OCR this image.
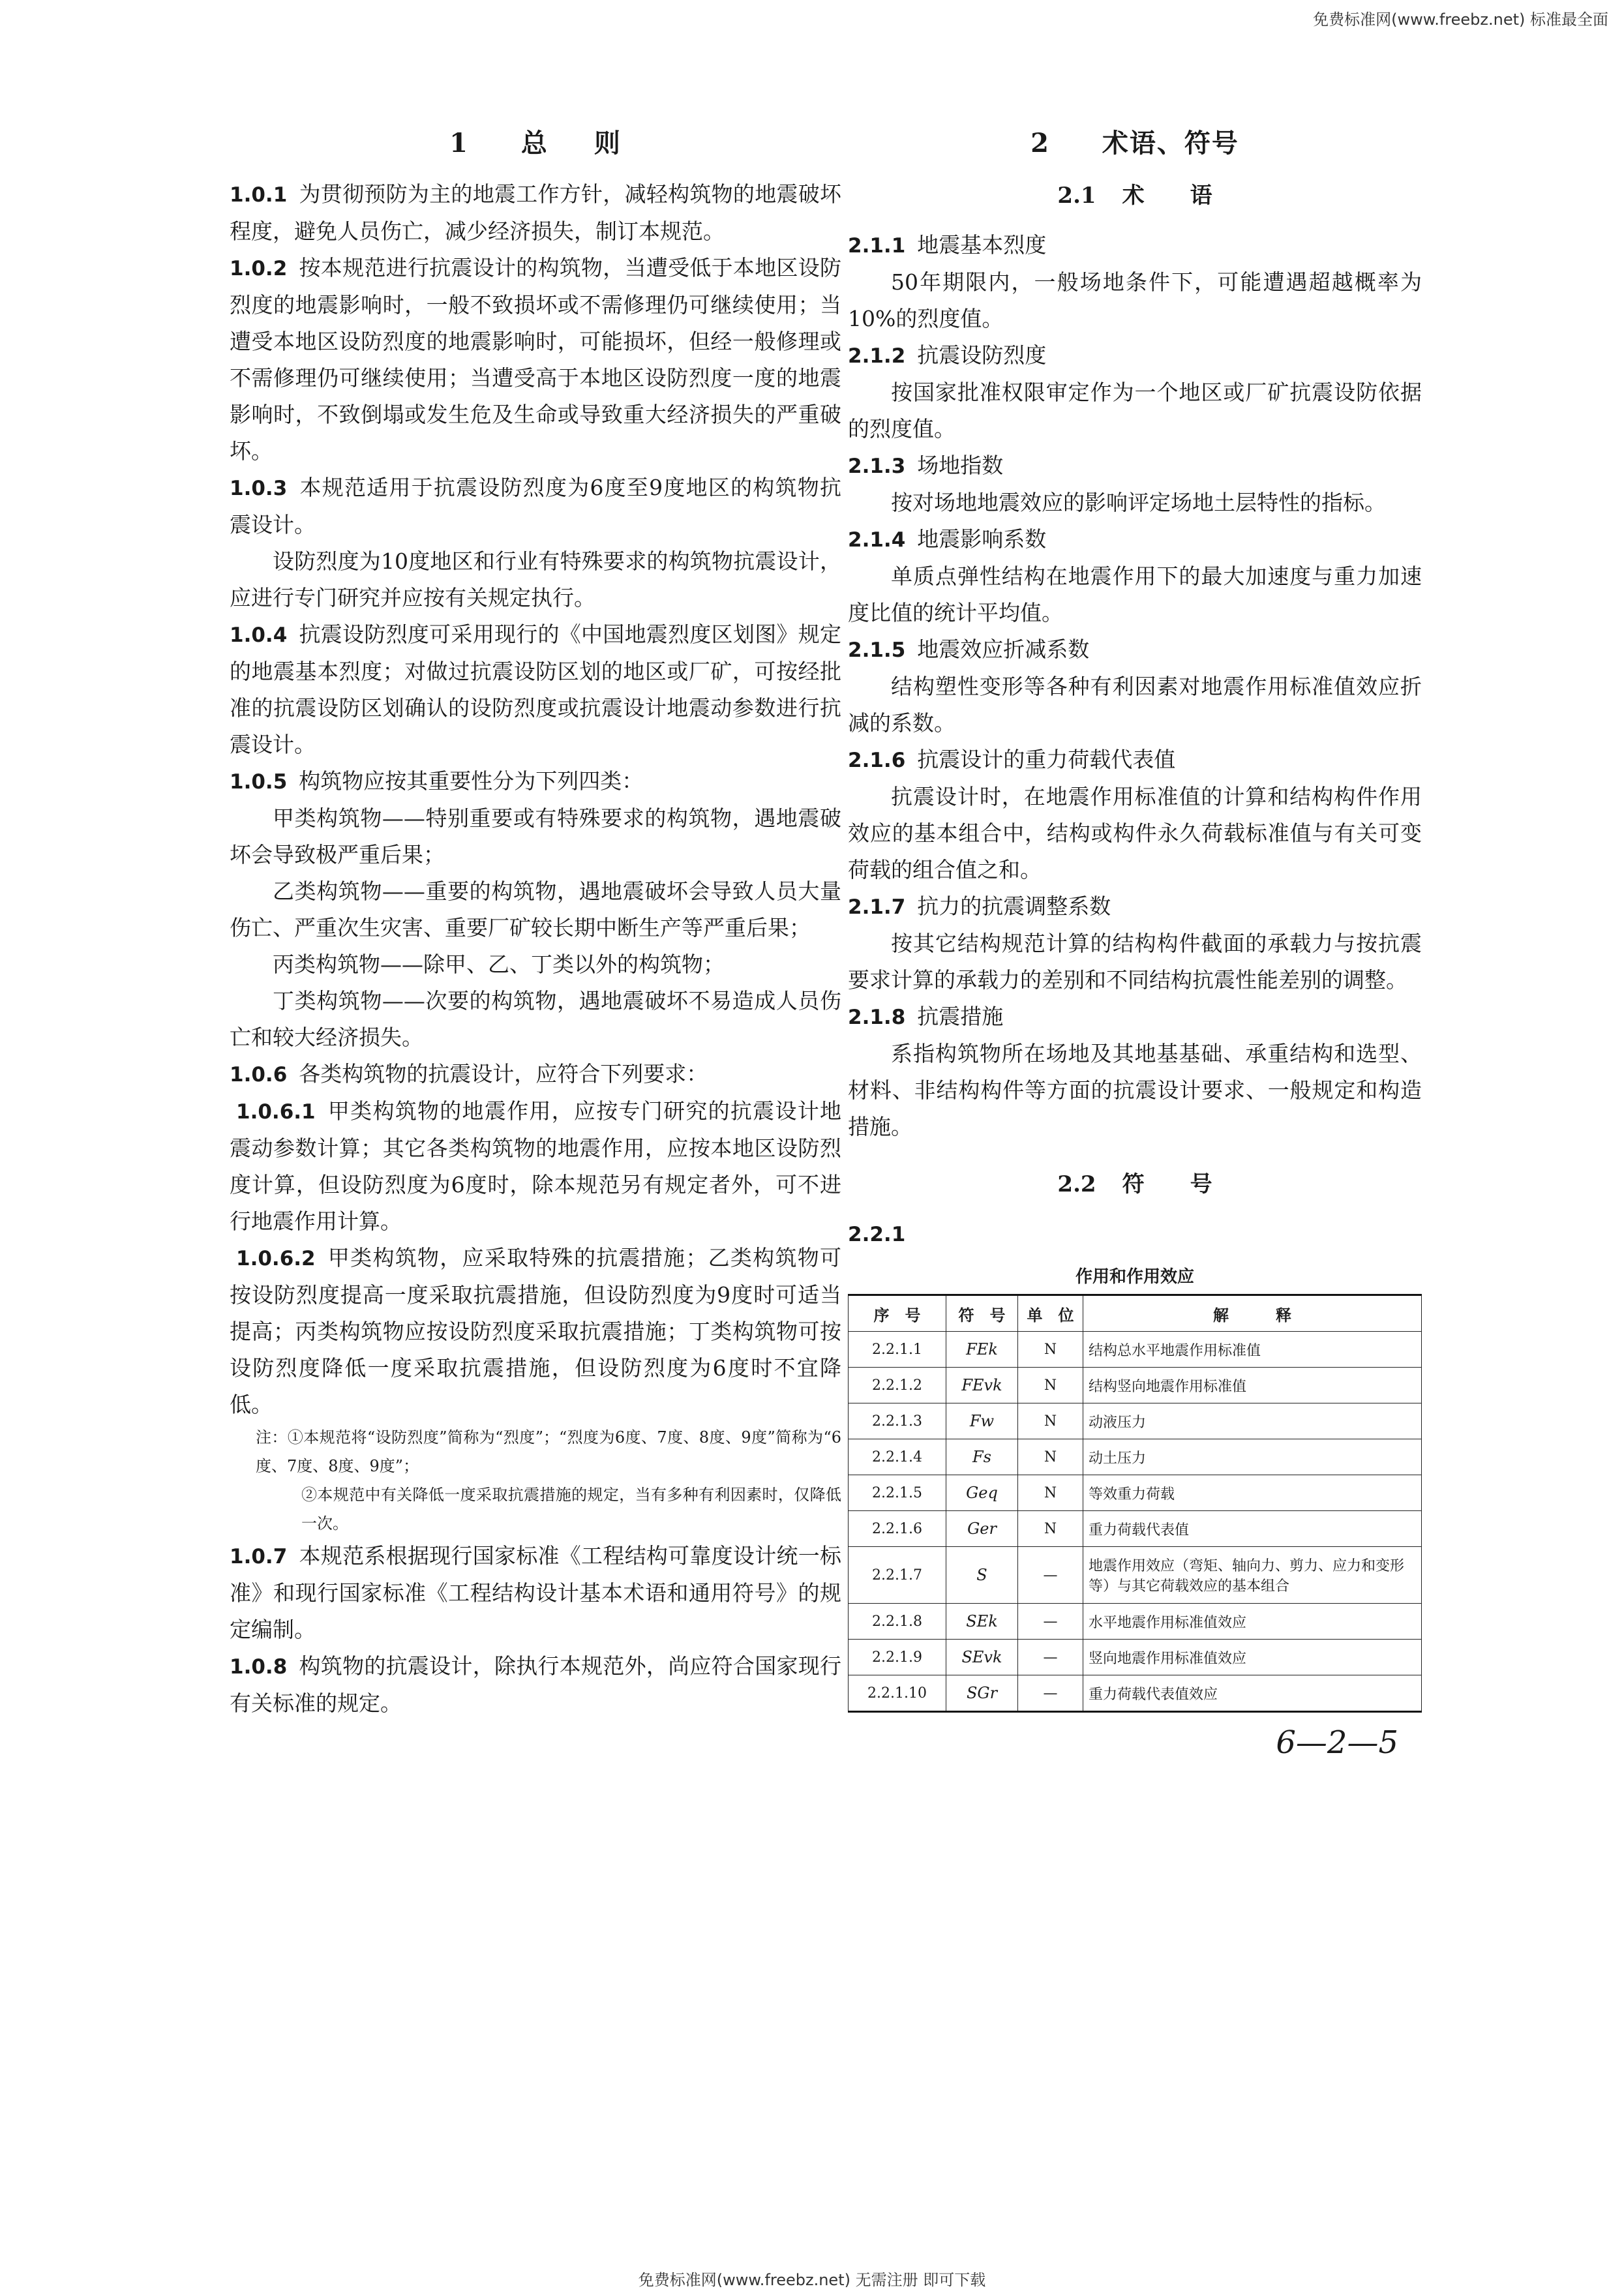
免费标准网(www.freebz.net) 标准最全面
1 总 则

1.0.1 为贯彻预防为主的地震工作方针，减轻构筑物的地震破坏程度，避免人员伤亡，减少经济损失，制订本规范。

1.0.2 按本规范进行抗震设计的构筑物，当遭受低于本地区设防烈度的地震影响时，一般不致损坏或不需修理仍可继续使用；当遭受本地区设防烈度的地震影响时，可能损坏，但经一般修理或不需修理仍可继续使用；当遭受高于本地区设防烈度一度的地震影响时，不致倒塌或发生危及生命或导致重大经济损失的严重破坏。

1.0.3 本规范适用于抗震设防烈度为6度至9度地区的构筑物抗震设计。

设防烈度为10度地区和行业有特殊要求的构筑物抗震设计，应进行专门研究并应按有关规定执行。

1.0.4 抗震设防烈度可采用现行的《中国地震烈度区划图》规定的地震基本烈度；对做过抗震设防区划的地区或厂矿，可按经批准的抗震设防区划确认的设防烈度或抗震设计地震动参数进行抗震设计。

1.0.5 构筑物应按其重要性分为下列四类：

甲类构筑物——特别重要或有特殊要求的构筑物，遇地震破坏会导致极严重后果；

乙类构筑物——重要的构筑物，遇地震破坏会导致人员大量伤亡、严重次生灾害、重要厂矿较长期中断生产等严重后果；

丙类构筑物——除甲、乙、丁类以外的构筑物；

丁类构筑物——次要的构筑物，遇地震破坏不易造成人员伤亡和较大经济损失。

1.0.6 各类构筑物的抗震设计，应符合下列要求：

1.0.6.1 甲类构筑物的地震作用，应按专门研究的抗震设计地震动参数计算；其它各类构筑物的地震作用，应按本地区设防烈度计算，但设防烈度为6度时，除本规范另有规定者外，可不进行地震作用计算。

1.0.6.2 甲类构筑物，应采取特殊的抗震措施；乙类构筑物可按设防烈度提高一度采取抗震措施，但设防烈度为9度时可适当提高；丙类构筑物应按设防烈度采取抗震措施；丁类构筑物可按设防烈度降低一度采取抗震措施，但设防烈度为6度时不宜降低。

注：①本规范将“设防烈度”简称为“烈度”；“烈度为6度、7度、8度、9度”简称为“6度、7度、8度、9度”；

②本规范中有关降低一度采取抗震措施的规定，当有多种有利因素时，仅降低一次。

1.0.7 本规范系根据现行国家标准《工程结构可靠度设计统一标准》和现行国家标准《工程结构设计基本术语和通用符号》的规定编制。

1.0.8 构筑物的抗震设计，除执行本规范外，尚应符合国家现行有关标准的规定。

2 术语、符号
2.1 术 语

2.1.1 地震基本烈度

50年期限内，一般场地条件下，可能遭遇超越概率为10%的烈度值。

2.1.2 抗震设防烈度

按国家批准权限审定作为一个地区或厂矿抗震设防依据的烈度值。

2.1.3 场地指数

按对场地地震效应的影响评定场地土层特性的指标。

2.1.4 地震影响系数

单质点弹性结构在地震作用下的最大加速度与重力加速度比值的统计平均值。

2.1.5 地震效应折减系数

结构塑性变形等各种有利因素对地震作用标准值效应折减的系数。

2.1.6 抗震设计的重力荷载代表值

抗震设计时，在地震作用标准值的计算和结构构件作用效应的基本组合中，结构或构件永久荷载标准值与有关可变荷载的组合值之和。

2.1.7 抗力的抗震调整系数

按其它结构规范计算的结构构件截面的承载力与按抗震要求计算的承载力的差别和不同结构抗震性能差别的调整。

2.1.8 抗震措施

系指构筑物所在场地及其地基基础、承重结构和选型、材料、非结构构件等方面的抗震设计要求、一般规定和构造措施。

2.2 符 号

2.2.1

作用和作用效应
序　号	符　号	单　位	解　　　释
2.2.1.1	FEk	N	结构总水平地震作用标准值
2.2.1.2	FEvk	N	结构竖向地震作用标准值
2.2.1.3	Fw	N	动液压力
2.2.1.4	Fs	N	动土压力
2.2.1.5	Geq	N	等效重力荷载
2.2.1.6	Ger	N	重力荷载代表值
2.2.1.7	S	—	地震作用效应（弯矩、轴向力、剪力、应力和变形等）与其它荷载效应的基本组合
2.2.1.8	SEk	—	水平地震作用标准值效应
2.2.1.9	SEvk	—	竖向地震作用标准值效应
2.2.1.10	SGr	—	重力荷载代表值效应
6—2—5
免费标准网(www.freebz.net) 无需注册 即可下载
